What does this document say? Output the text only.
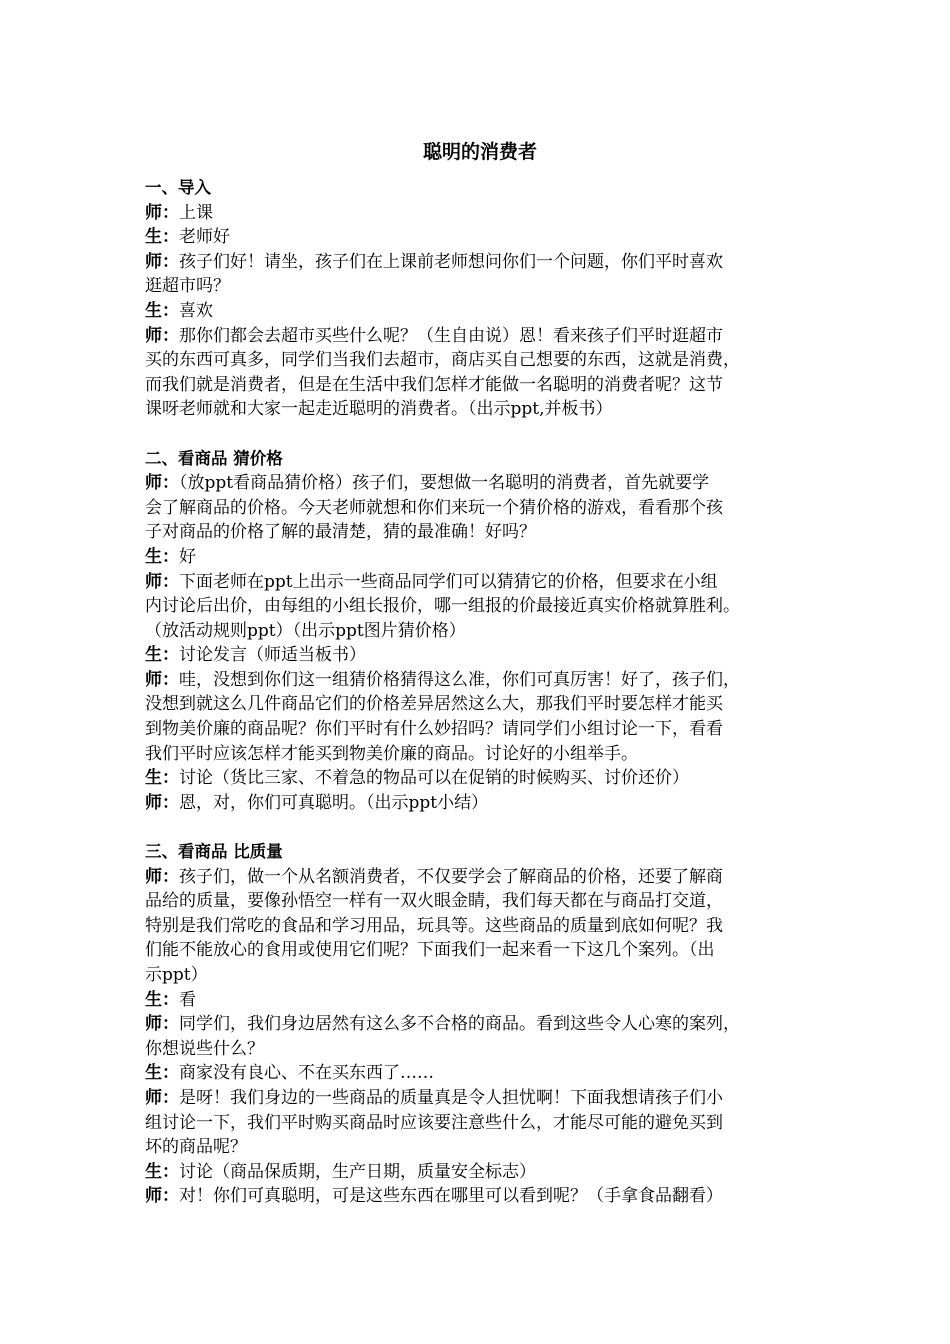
聪明的消费者
一、导入
师：上课
生：老师好
师：孩子们好！请坐，孩子们在上课前老师想问你们一个问题，你们平时喜欢
逛超市吗？
生：喜欢
师：那你们都会去超市买些什么呢？（生自由说）恩！看来孩子们平时逛超市
买的东西可真多，同学们当我们去超市，商店买自己想要的东西，这就是消费，
而我们就是消费者，但是在生活中我们怎样才能做一名聪明的消费者呢？这节
课呀老师就和大家一起走近聪明的消费者。（出示ppt,并板书）
二、看商品 猜价格
师：（放ppt看商品猜价格）孩子们，要想做一名聪明的消费者，首先就要学
会了解商品的价格。今天老师就想和你们来玩一个猜价格的游戏，看看那个孩
子对商品的价格了解的最清楚，猜的最准确！好吗？
生：好
师：下面老师在ppt上出示一些商品同学们可以猜猜它的价格，但要求在小组
内讨论后出价，由每组的小组长报价，哪一组报的价最接近真实价格就算胜利。
（放活动规则ppt）（出示ppt图片猜价格）
生：讨论发言（师适当板书）
师：哇，没想到你们这一组猜价格猜得这么准，你们可真厉害！好了，孩子们，
没想到就这么几件商品它们的价格差异居然这么大，那我们平时要怎样才能买
到物美价廉的商品呢？你们平时有什么妙招吗？请同学们小组讨论一下，看看
我们平时应该怎样才能买到物美价廉的商品。讨论好的小组举手。
生：讨论（货比三家、不着急的物品可以在促销的时候购买、讨价还价）
师：恩，对，你们可真聪明。（出示ppt小结）
三、看商品 比质量
师：孩子们，做一个从名额消费者，不仅要学会了解商品的价格，还要了解商
品给的质量，要像孙悟空一样有一双火眼金睛，我们每天都在与商品打交道，
特别是我们常吃的食品和学习用品，玩具等。这些商品的质量到底如何呢？我
们能不能放心的食用或使用它们呢？下面我们一起来看一下这几个案列。（出
示ppt）
生：看
师：同学们，我们身边居然有这么多不合格的商品。看到这些令人心寒的案列，
你想说些什么？
生：商家没有良心、不在买东西了……
师：是呀！我们身边的一些商品的质量真是令人担忧啊！下面我想请孩子们小
组讨论一下，我们平时购买商品时应该要注意些什么，才能尽可能的避免买到
坏的商品呢？
生：讨论（商品保质期，生产日期，质量安全标志）
师：对！你们可真聪明，可是这些东西在哪里可以看到呢？（手拿食品翻看）
